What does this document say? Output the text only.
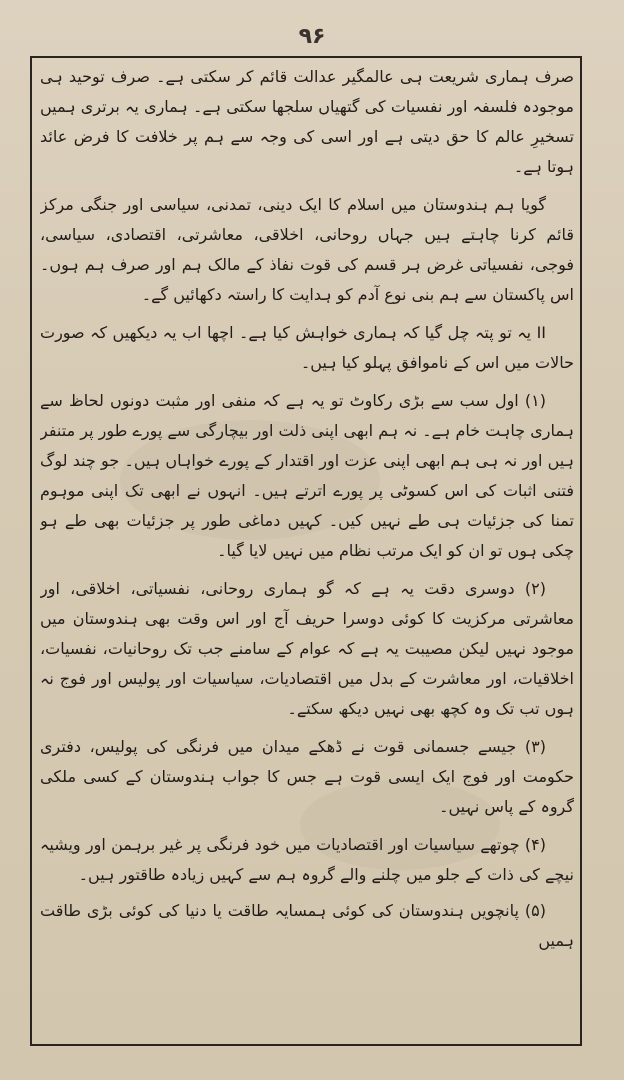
۹۶

صرف ہماری شریعت ہی عالمگیر عدالت قائم کر سکتی ہے۔ صرف توحید ہی موجودہ فلسفہ اور نفسیات کی گتھیاں سلجھا سکتی ہے۔ ہماری یہ برتری ہمیں تسخیرِ عالم کا حق دیتی ہے اور اسی کی وجہ سے ہم پر خلافت کا فرض عائد ہوتا ہے۔

گویا ہم ہندوستان میں اسلام کا ایک دینی، تمدنی، سیاسی اور جنگی مرکز قائم کرنا چاہتے ہیں جہاں روحانی، اخلاقی، معاشرتی، اقتصادی، سیاسی، فوجی، نفسیاتی غرض ہر قسم کی قوت نفاذ کے مالک ہم اور صرف ہم ہوں۔ اس پاکستان سے ہم بنی نوع آدم کو ہدایت کا راستہ دکھائیں گے۔

II یہ تو پتہ چل گیا کہ ہماری خواہش کیا ہے۔ اچھا اب یہ دیکھیں کہ صورت حالات میں اس کے ناموافق پہلو کیا ہیں۔

(۱) اول سب سے بڑی رکاوٹ تو یہ ہے کہ منفی اور مثبت دونوں لحاظ سے ہماری چاہت خام ہے۔ نہ ہم ابھی اپنی ذلت اور بیچارگی سے پورے طور پر متنفر ہیں اور نہ ہی ہم ابھی اپنی عزت اور اقتدار کے پورے خواہاں ہیں۔ جو چند لوگ فتنی اثبات کی اس کسوٹی پر پورے اترتے ہیں۔ انہوں نے ابھی تک اپنی موہوم تمنا کی جزئیات ہی طے نہیں کیں۔ کہیں دماغی طور پر جزئیات بھی طے ہو چکی ہوں تو ان کو ایک مرتب نظام میں نہیں لایا گیا۔

(۲) دوسری دقت یہ ہے کہ گو ہماری روحانی، نفسیاتی، اخلاقی، اور معاشرتی مرکزیت کا کوئی دوسرا حریف آج اور اس وقت بھی ہندوستان میں موجود نہیں لیکن مصیبت یہ ہے کہ عوام کے سامنے جب تک روحانیات، نفسیات، اخلاقیات، اور معاشرت کے بدل میں اقتصادیات، سیاسیات اور پولیس اور فوج نہ ہوں تب تک وہ کچھ بھی نہیں دیکھ سکتے۔

(۳) جیسے جسمانی قوت نے ڈھکے میدان میں فرنگی کی پولیس، دفتری حکومت اور فوج ایک ایسی قوت ہے جس کا جواب ہندوستان کے کسی ملکی گروہ کے پاس نہیں۔

(۴) چوتھے سیاسیات اور اقتصادیات میں خود فرنگی پر غیر برہمن اور ویشیہ نیچے کی ذات کے جلو میں چلنے والے گروہ ہم سے کہیں زیادہ طاقتور ہیں۔

(۵) پانچویں ہندوستان کی کوئی ہمسایہ طاقت یا دنیا کی کوئی بڑی طاقت ہمیں
